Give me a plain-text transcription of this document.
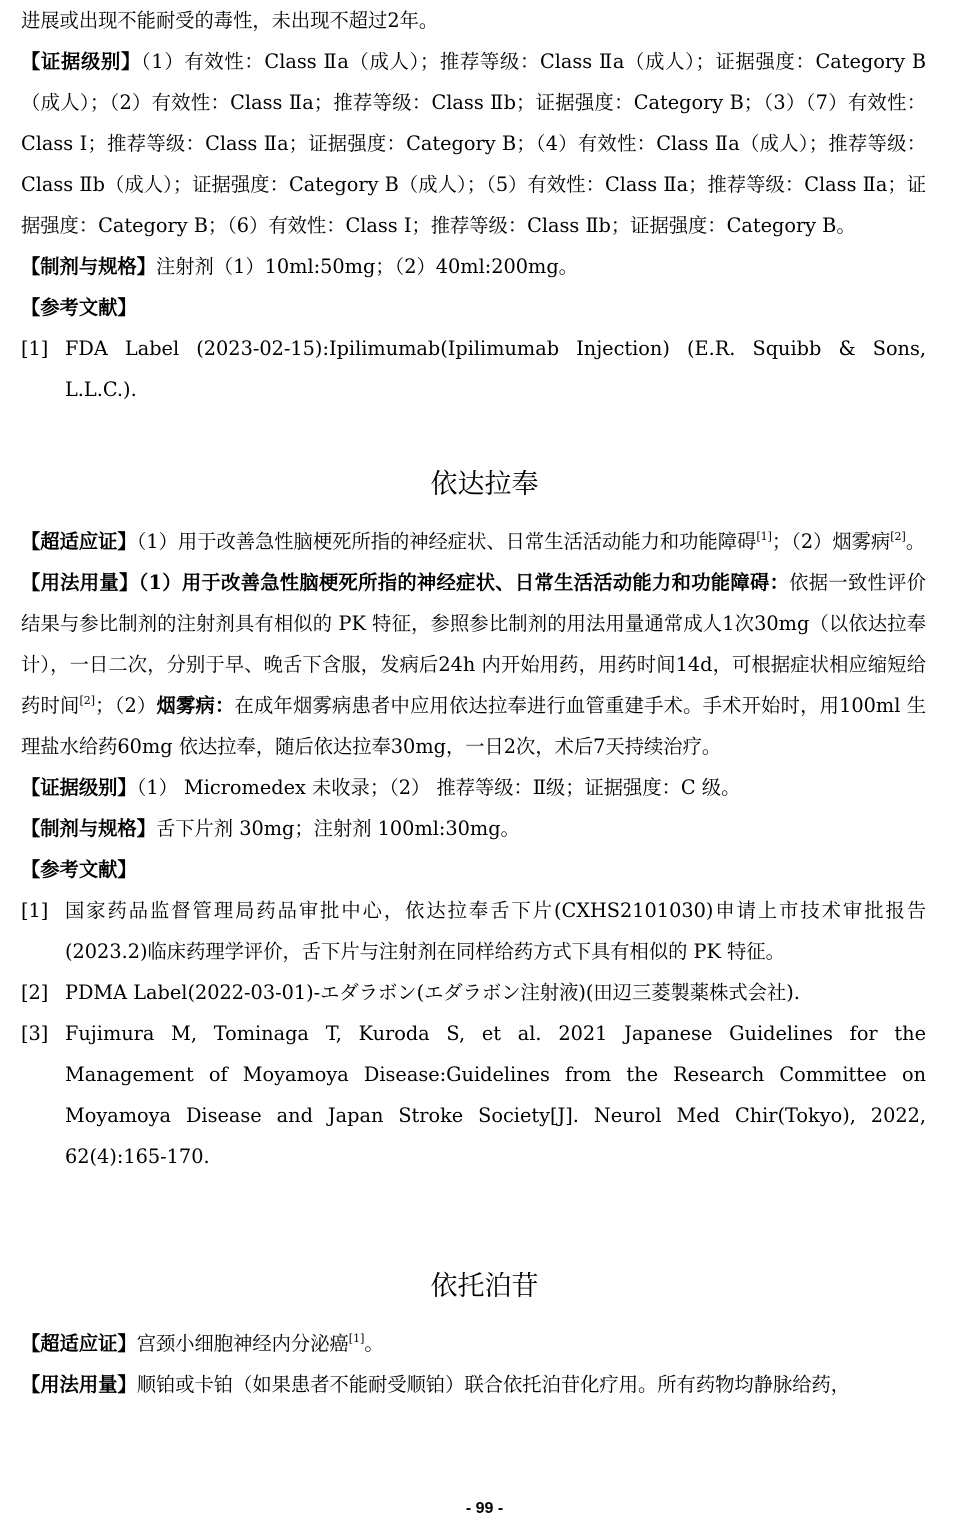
进展或出现不能耐受的毒性，未出现不超过2年。

【证据级别】（1）有效性：Class Ⅱa（成人）；推荐等级：Class Ⅱa（成人）；证据强度：Category B（成人）；（2）有效性：Class Ⅱa；推荐等级：Class Ⅱb；证据强度：Category B；（3）（7）有效性：Class Ⅰ；推荐等级：Class Ⅱa；证据强度：Category B；（4）有效性：Class Ⅱa（成人）；推荐等级：Class Ⅱb（成人）；证据强度：Category B（成人）；（5）有效性：Class Ⅱa；推荐等级：Class Ⅱa；证据强度：Category B；（6）有效性：Class Ⅰ；推荐等级：Class Ⅱb；证据强度：Category B。

【制剂与规格】注射剂（1）10ml:50mg；（2）40ml:200mg。

【参考文献】

[1] FDA Label (2023-02-15):Ipilimumab(Ipilimumab Injection) (E.R. Squibb & Sons, L.L.C.).
依达拉奉

【超适应证】（1）用于改善急性脑梗死所指的神经症状、日常生活活动能力和功能障碍[1]；（2）烟雾病[2]。

【用法用量】（1）用于改善急性脑梗死所指的神经症状、日常生活活动能力和功能障碍：依据一致性评价结果与参比制剂的注射剂具有相似的 PK 特征，参照参比制剂的用法用量通常成人1次30mg（以依达拉奉计），一日二次，分别于早、晚舌下含服，发病后24h 内开始用药，用药时间14d，可根据症状相应缩短给药时间[2]；（2）烟雾病：在成年烟雾病患者中应用依达拉奉进行血管重建手术。手术开始时，用100ml 生理盐水给药60mg 依达拉奉，随后依达拉奉30mg，一日2次，术后7天持续治疗。

【证据级别】（1） Micromedex 未收录；（2） 推荐等级：Ⅱ级；证据强度：C 级。

【制剂与规格】舌下片剂 30mg；注射剂 100ml:30mg。

【参考文献】

[1] 国家药品监督管理局药品审批中心，依达拉奉舌下片(CXHS2101030)申请上市技术审批报告(2023.2)临床药理学评价，舌下片与注射剂在同样给药方式下具有相似的 PK 特征。
[2] PDMA Label(2022-03-01)-エダラボン(エダラボン注射液)(田辺三菱製薬株式会社).
[3] Fujimura M, Tominaga T, Kuroda S, et al. 2021 Japanese Guidelines for the Management of Moyamoya Disease:Guidelines from the Research Committee on Moyamoya Disease and Japan Stroke Society[J]. Neurol Med Chir(Tokyo), 2022, 62(4):165-170.
依托泊苷

【超适应证】宫颈小细胞神经内分泌癌[1]。

【用法用量】顺铂或卡铂（如果患者不能耐受顺铂）联合依托泊苷化疗用。所有药物均静脉给药，

- 99 -
